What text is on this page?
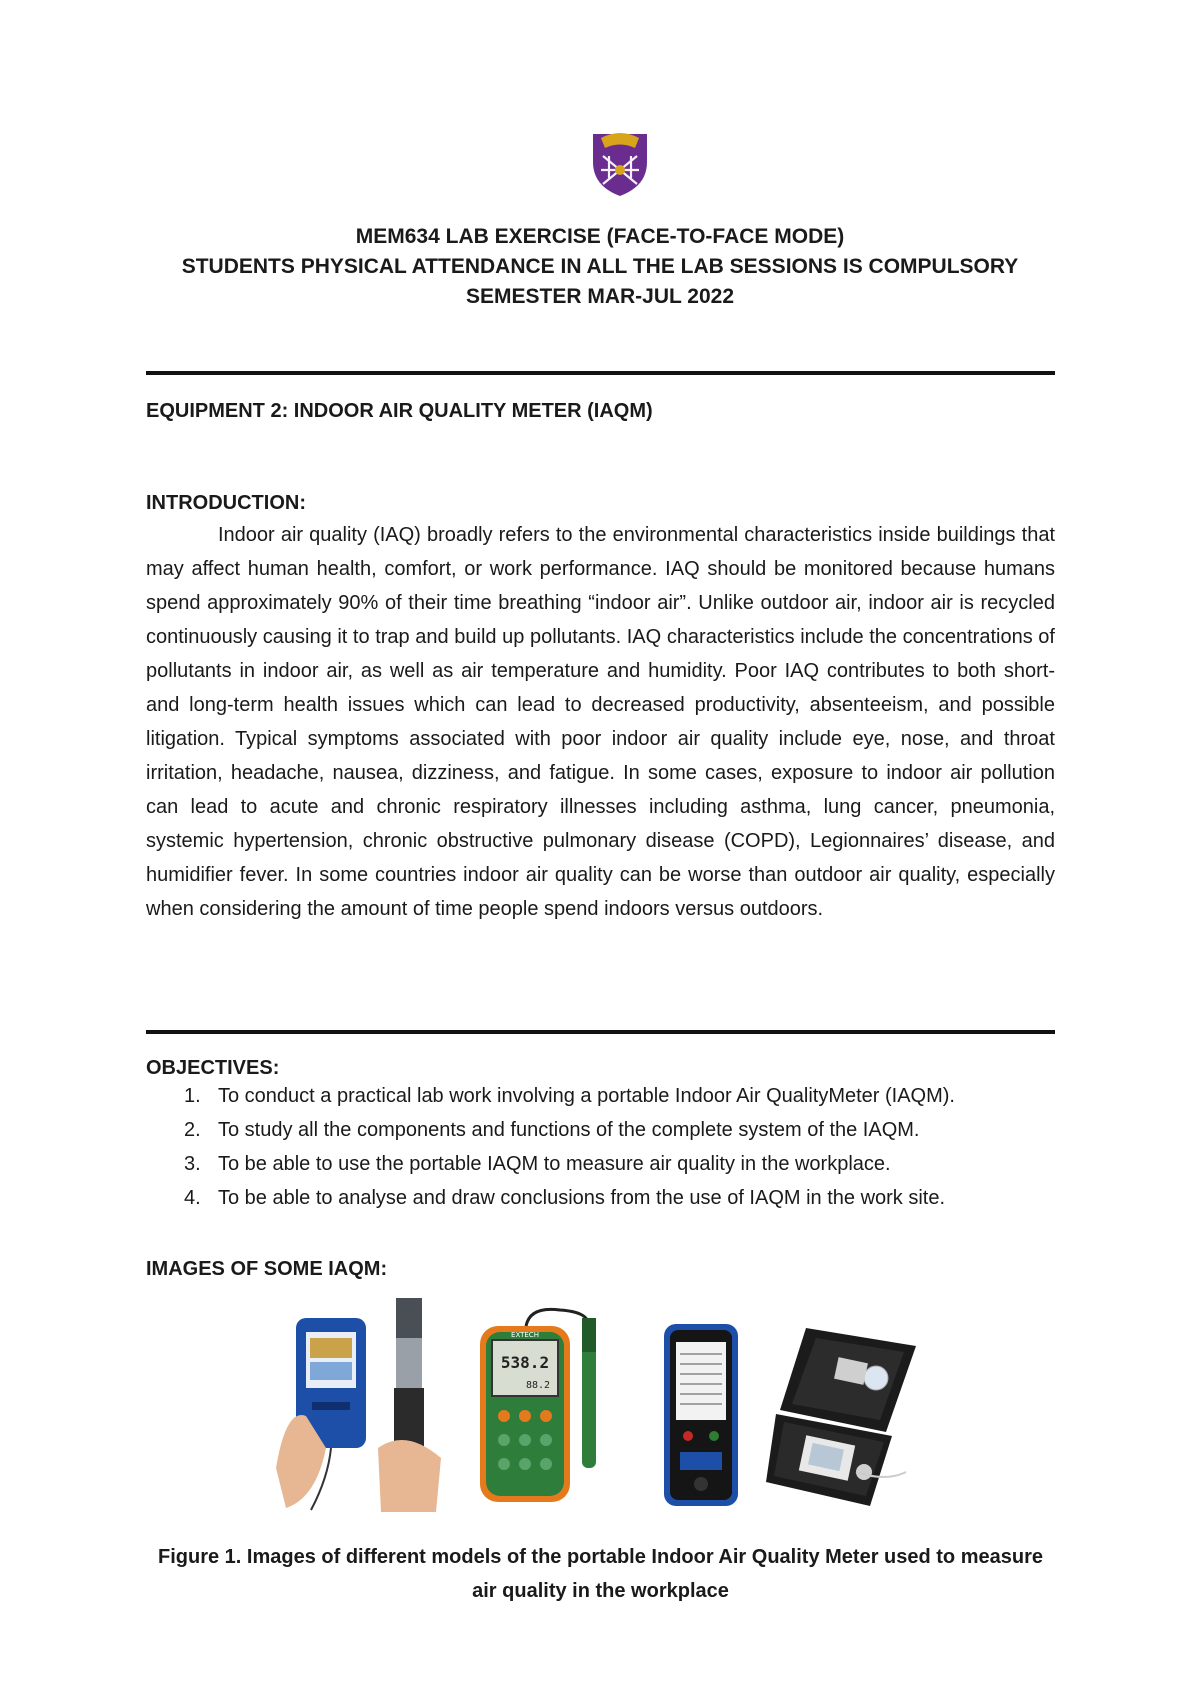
MEM634 LAB EXERCISE (FACE-TO-FACE MODE)
STUDENTS PHYSICAL ATTENDANCE IN ALL THE LAB SESSIONS IS COMPULSORY
SEMESTER MAR-JUL 2022
EQUIPMENT 2: INDOOR AIR QUALITY METER (IAQM)
INTRODUCTION:

Indoor air quality (IAQ) broadly refers to the environmental characteristics inside buildings that may affect human health, comfort, or work performance. IAQ should be monitored because humans spend approximately 90% of their time breathing “indoor air”. Unlike outdoor air, indoor air is recycled continuously causing it to trap and build up pollutants. IAQ characteristics include the concentrations of pollutants in indoor air, as well as air temperature and humidity. Poor IAQ contributes to both short- and long-term health issues which can lead to decreased productivity, absenteeism, and possible litigation. Typical symptoms associated with poor indoor air quality include eye, nose, and throat irritation, headache, nausea, dizziness, and fatigue. In some cases, exposure to indoor air pollution can lead to acute and chronic respiratory illnesses including asthma, lung cancer, pneumonia, systemic hypertension, chronic obstructive pulmonary disease (COPD), Legionnaires’ disease, and humidifier fever. In some countries indoor air quality can be worse than outdoor air quality, especially when considering the amount of time people spend indoors versus outdoors.

OBJECTIVES:
1. To conduct a practical lab work involving a portable Indoor Air QualityMeter (IAQM).
2. To study all the components and functions of the complete system of the IAQM.
3. To be able to use the portable IAQM to measure air quality in the workplace.
4. To be able to analyse and draw conclusions from the use of IAQM in the work site.
IMAGES OF SOME IAQM:
538.2
88.2
EXTECH
Figure 1. Images of different models of the portable Indoor Air Quality Meter used to measure air quality in the workplace
